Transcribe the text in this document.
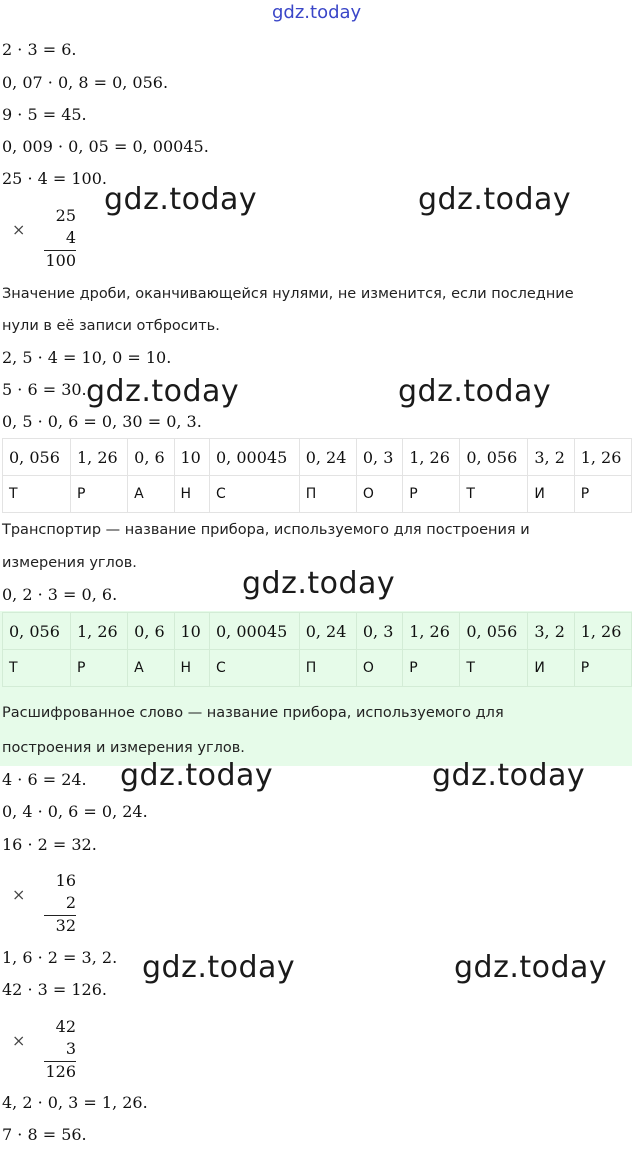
gdz.today
2 · 3 = 6.
0, 07 · 0, 8 = 0, 056.
9 · 5 = 45.
0, 009 · 0, 05 = 0, 00045.
25 · 4 = 100.
gdz.today	gdz.today
×
25
4
100
Значение дроби, оканчивающейся нулями, не изменится, если последние
нули в её записи отбросить.
2, 5 · 4 = 10, 0 = 10.
5 · 6 = 30. gdz.today	gdz.today
0, 5 · 0, 6 = 0, 30 = 0, 3.
0, 056	1, 26	0, 6	10	0, 00045	0, 24	0, 3	1, 26	0, 056	3, 2	1, 26
Т	Р	А	Н	С	П	О	Р	Т	И	Р
Транспортир — название прибора, используемого для построения и
измерения углов.
gdz.today
0, 2 · 3 = 0, 6.
0, 056	1, 26	0, 6	10	0, 00045	0, 24	0, 3	1, 26	0, 056	3, 2	1, 26
Т	Р	А	Н	С	П	О	Р	Т	И	Р
Расшифрованное слово — название прибора, используемого для
построения и измерения углов.
4 · 6 = 24. gdz.today	gdz.today
0, 4 · 0, 6 = 0, 24.
16 · 2 = 32.
×
16
2
32
1, 6 · 2 = 3, 2. gdz.today	gdz.today
42 · 3 = 126.
×
42
3
126
4, 2 · 0, 3 = 1, 26.
7 · 8 = 56.
